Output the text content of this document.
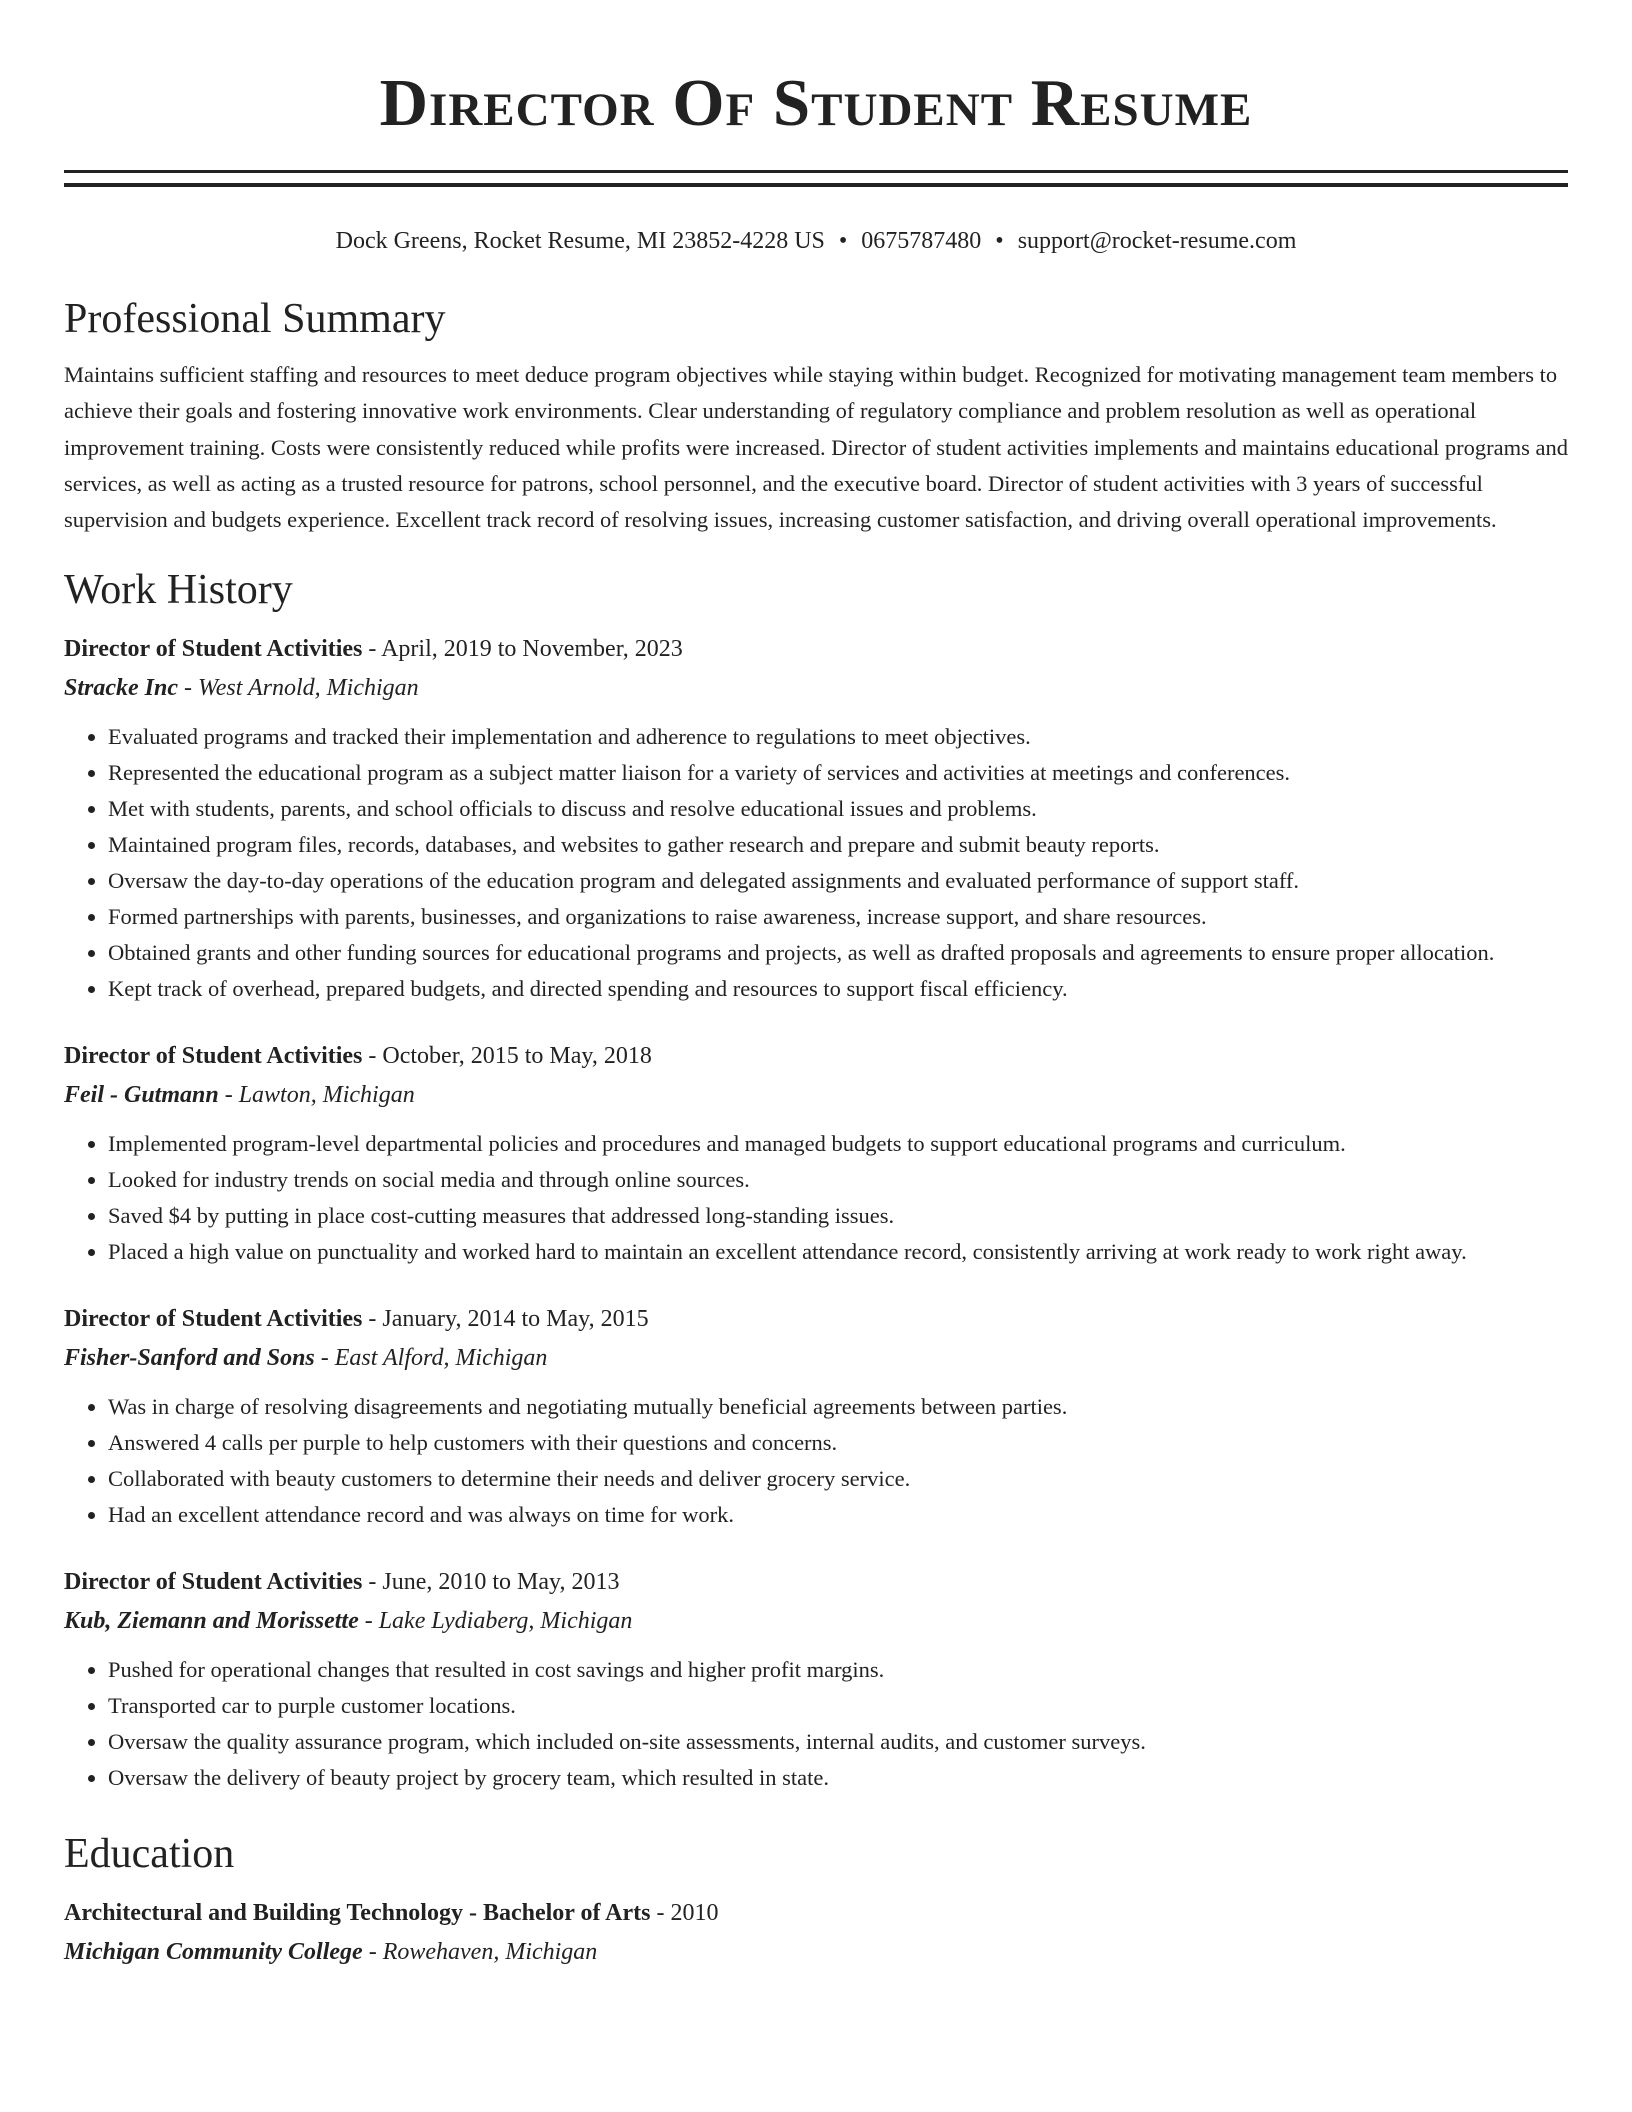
Director Of Student Resume
Dock Greens, Rocket Resume, MI 23852-4228 US • 0675787480 • support@rocket-resume.com
Professional Summary
Maintains sufficient staffing and resources to meet deduce program objectives while staying within budget. Recognized for motivating management team members to achieve their goals and fostering innovative work environments. Clear understanding of regulatory compliance and problem resolution as well as operational improvement training. Costs were consistently reduced while profits were increased. Director of student activities implements and maintains educational programs and services, as well as acting as a trusted resource for patrons, school personnel, and the executive board. Director of student activities with 3 years of successful supervision and budgets experience. Excellent track record of resolving issues, increasing customer satisfaction, and driving overall operational improvements.
Work History
Director of Student Activities - April, 2019 to November, 2023
Stracke Inc - West Arnold, Michigan
• Evaluated programs and tracked their implementation and adherence to regulations to meet objectives.
• Represented the educational program as a subject matter liaison for a variety of services and activities at meetings and conferences.
• Met with students, parents, and school officials to discuss and resolve educational issues and problems.
• Maintained program files, records, databases, and websites to gather research and prepare and submit beauty reports.
• Oversaw the day-to-day operations of the education program and delegated assignments and evaluated performance of support staff.
• Formed partnerships with parents, businesses, and organizations to raise awareness, increase support, and share resources.
• Obtained grants and other funding sources for educational programs and projects, as well as drafted proposals and agreements to ensure proper allocation.
• Kept track of overhead, prepared budgets, and directed spending and resources to support fiscal efficiency.
Director of Student Activities - October, 2015 to May, 2018
Feil - Gutmann - Lawton, Michigan
• Implemented program-level departmental policies and procedures and managed budgets to support educational programs and curriculum.
• Looked for industry trends on social media and through online sources.
• Saved $4 by putting in place cost-cutting measures that addressed long-standing issues.
• Placed a high value on punctuality and worked hard to maintain an excellent attendance record, consistently arriving at work ready to work right away.
Director of Student Activities - January, 2014 to May, 2015
Fisher-Sanford and Sons - East Alford, Michigan
• Was in charge of resolving disagreements and negotiating mutually beneficial agreements between parties.
• Answered 4 calls per purple to help customers with their questions and concerns.
• Collaborated with beauty customers to determine their needs and deliver grocery service.
• Had an excellent attendance record and was always on time for work.
Director of Student Activities - June, 2010 to May, 2013
Kub, Ziemann and Morissette - Lake Lydiaberg, Michigan
• Pushed for operational changes that resulted in cost savings and higher profit margins.
• Transported car to purple customer locations.
• Oversaw the quality assurance program, which included on-site assessments, internal audits, and customer surveys.
• Oversaw the delivery of beauty project by grocery team, which resulted in state.
Education
Architectural and Building Technology - Bachelor of Arts - 2010
Michigan Community College - Rowehaven, Michigan
